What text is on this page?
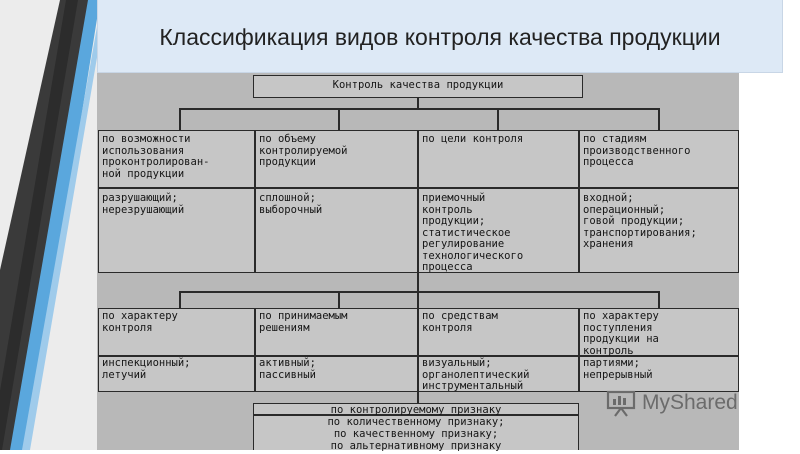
Классификация видов контроля качества продукции
Контроль качества продукции
по возможности
использования
проконтролирован-
ной продукции
по объему
контролируемой
продукции
по цели контроля	по стадиям
производственного
процесса
разрушающий;
нерезрушающий
сплошной;
выборочный
приемочный
контроль
продукции;
статистическое
регулирование
технологического
процесса
входной;
операционный;
говой продукции;
транспортирования;
хранения
по характеру
контроля
по принимаемым
решениям
по средствам
контроля
по характеру
поступления
продукции на
контроль
инспекционный;
летучий
активный;
пассивный
визуальный;
органолептический
инструментальный
партиями;
непрерывный
по контролируемому признаку
по количественному признаку;
по качественному признаку;
по альтернативному признаку
MyShared
